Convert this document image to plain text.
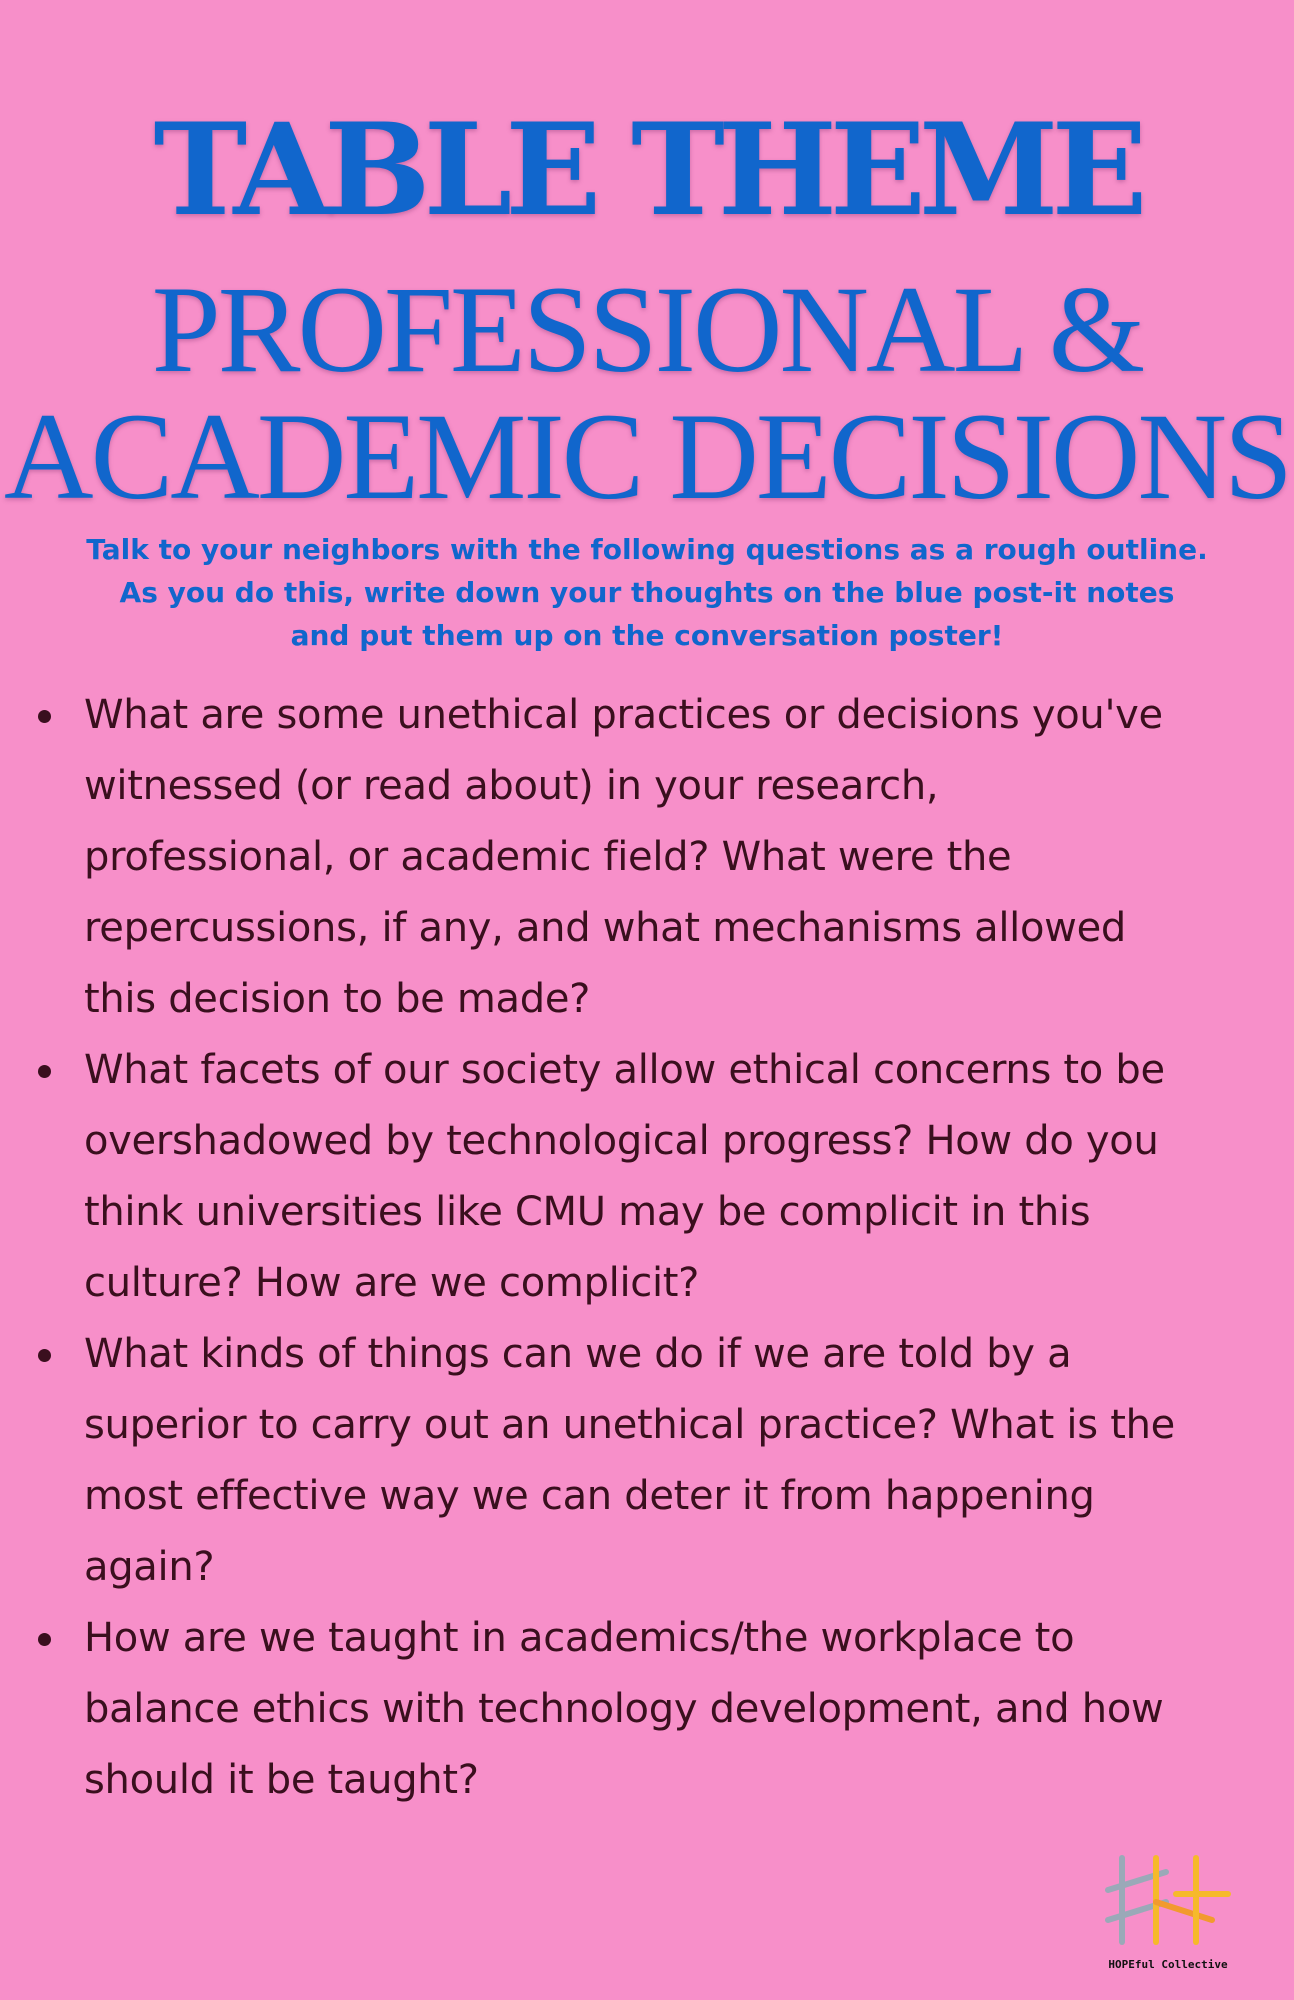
TABLE THEME
PROFESSIONAL &
ACADEMIC DECISIONS
Talk to your neighbors with the following questions as a rough outline.
As you do this, write down your thoughts on the blue post-it notes
and put them up on the conversation poster!
What are some unethical practices or decisions you've
witnessed (or read about) in your research,
professional, or academic field? What were the
repercussions, if any, and what mechanisms allowed
this decision to be made?
What facets of our society allow ethical concerns to be
overshadowed by technological progress? How do you
think universities like CMU may be complicit in this
culture? How are we complicit?
What kinds of things can we do if we are told by a
superior to carry out an unethical practice? What is the
most effective way we can deter it from happening
again?
How are we taught in academics/the workplace to
balance ethics with technology development, and how
should it be taught?
HOPEful Collective
